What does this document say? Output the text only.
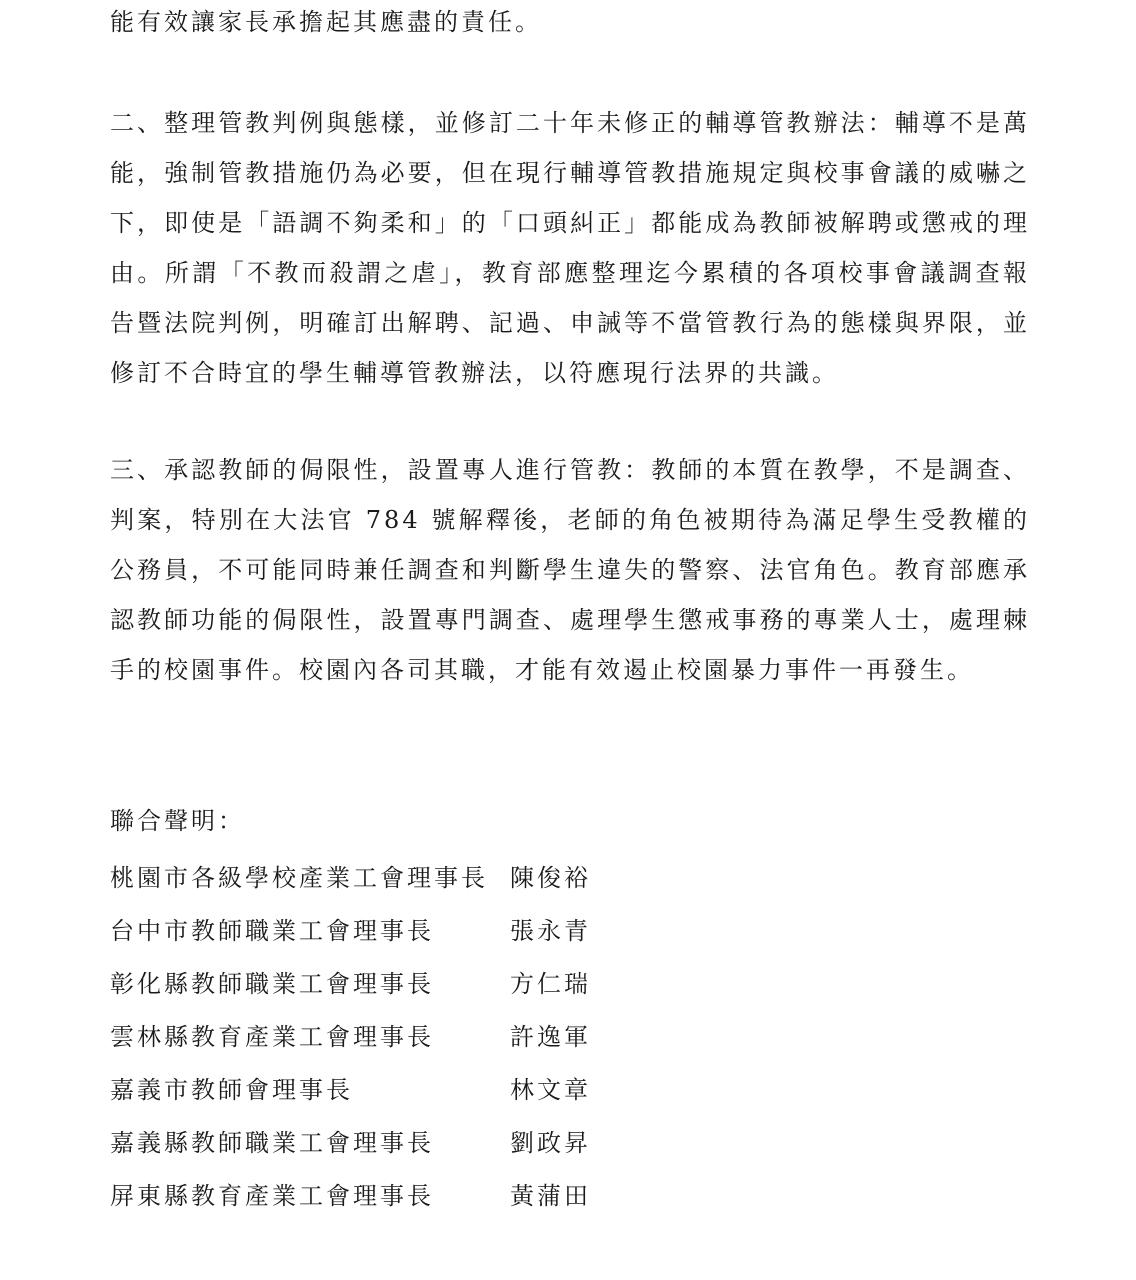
能有效讓家長承擔起其應盡的責任。

二、整理管教判例與態樣，並修訂二十年未修正的輔導管教辦法：輔導不是萬能，強制管教措施仍為必要，但在現行輔導管教措施規定與校事會議的威嚇之下，即使是「語調不夠柔和」的「口頭糾正」都能成為教師被解聘或懲戒的理由。所謂「不教而殺謂之虐」，教育部應整理迄今累積的各項校事會議調查報告暨法院判例，明確訂出解聘、記過、申誡等不當管教行為的態樣與界限，並修訂不合時宜的學生輔導管教辦法，以符應現行法界的共識。

三、承認教師的侷限性，設置專人進行管教：教師的本質在教學，不是調查、判案，特別在大法官 784 號解釋後，老師的角色被期待為滿足學生受教權的公務員，不可能同時兼任調查和判斷學生違失的警察、法官角色。教育部應承認教師功能的侷限性，設置專門調查、處理學生懲戒事務的專業人士，處理棘手的校園事件。校園內各司其職，才能有效遏止校園暴力事件一再發生。

聯合聲明：

桃園市各級學校產業工會理事長 陳俊裕
台中市教師職業工會理事長	張永青
彰化縣教師職業工會理事長	方仁瑞
雲林縣教育產業工會理事長	許逸軍
嘉義市教師會理事長	林文章
嘉義縣教師職業工會理事長	劉政昇
屏東縣教育產業工會理事長	黃蒲田
